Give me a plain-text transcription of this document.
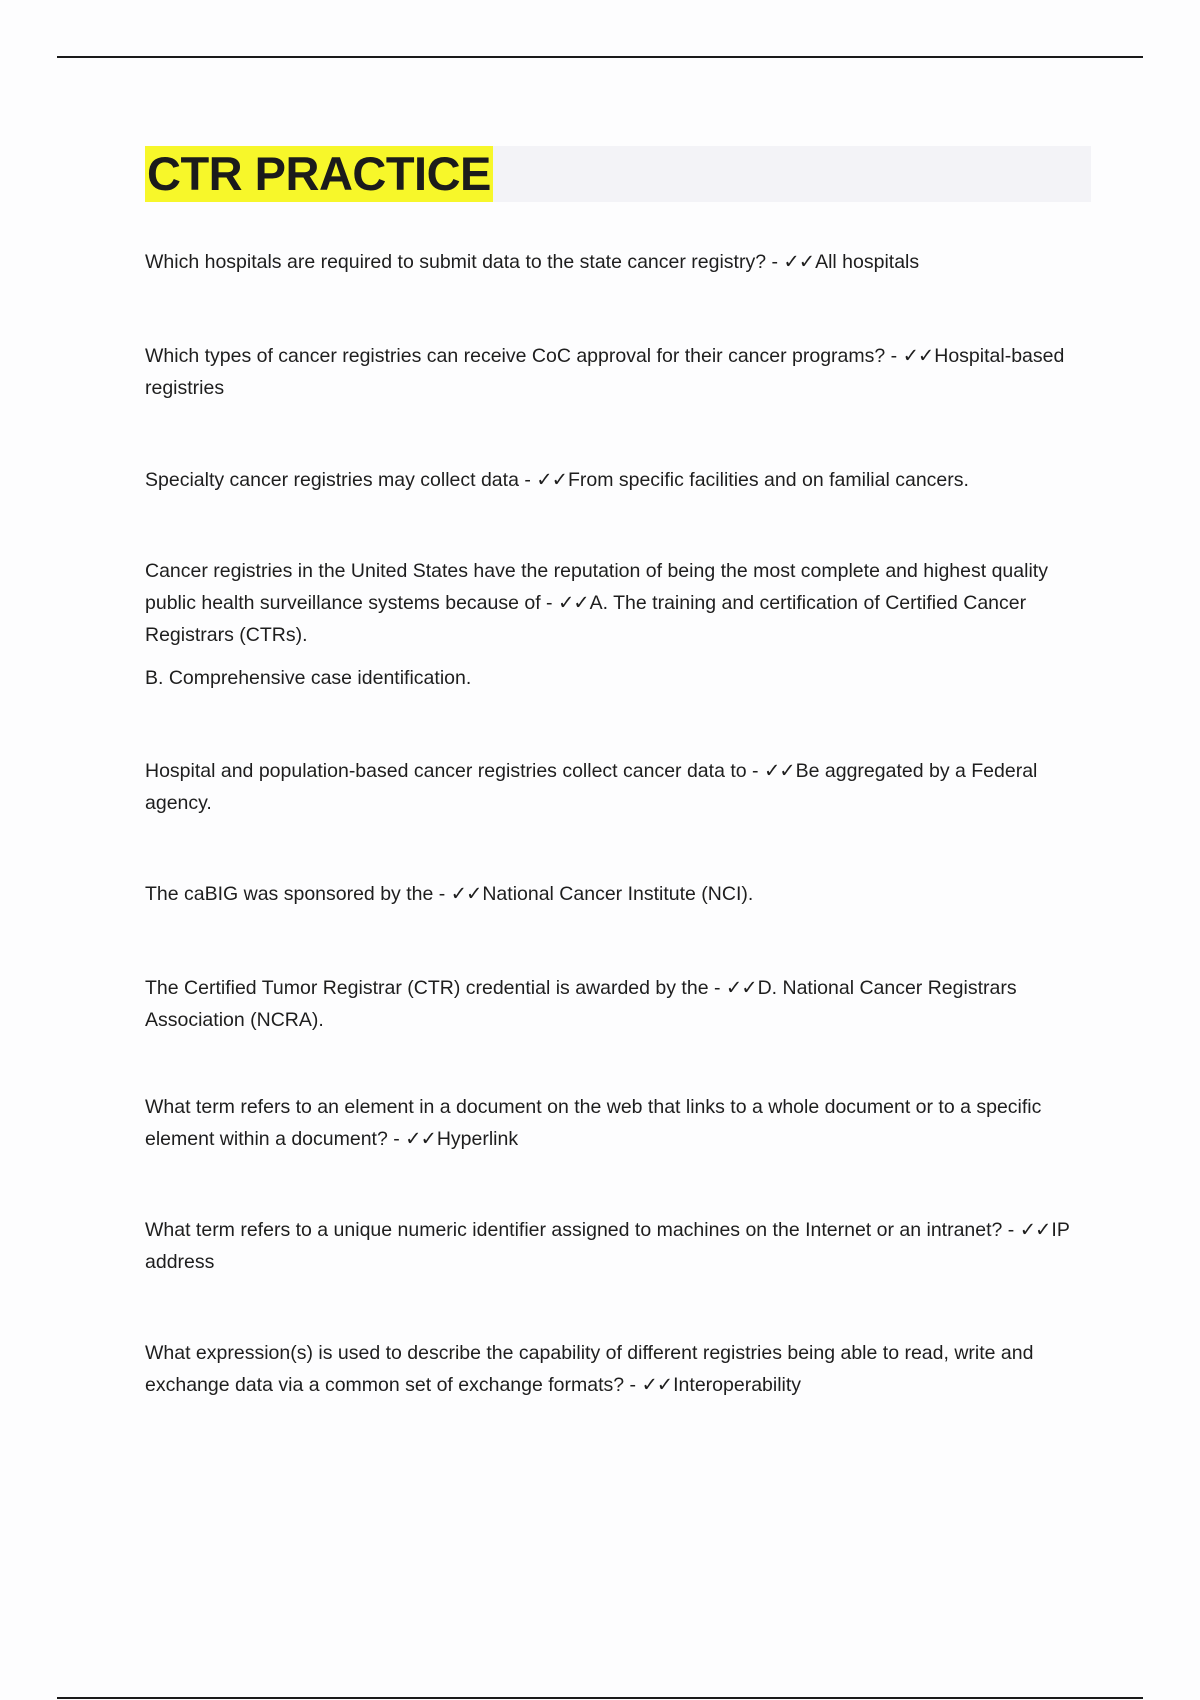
CTR PRACTICE

Which hospitals are required to submit data to the state cancer registry? - ✓✓All hospitals

Which types of cancer registries can receive CoC approval for their cancer programs? - ✓✓Hospital-based registries

Specialty cancer registries may collect data - ✓✓From specific facilities and on familial cancers.

Cancer registries in the United States have the reputation of being the most complete and highest quality public health surveillance systems because of - ✓✓A. The training and certification of Certified Cancer Registrars (CTRs).

B. Comprehensive case identification.

Hospital and population-based cancer registries collect cancer data to - ✓✓Be aggregated by a Federal agency.

The caBIG was sponsored by the - ✓✓National Cancer Institute (NCI).

The Certified Tumor Registrar (CTR) credential is awarded by the - ✓✓D. National Cancer Registrars Association (NCRA).

What term refers to an element in a document on the web that links to a whole document or to a specific element within a document? - ✓✓Hyperlink

What term refers to a unique numeric identifier assigned to machines on the Internet or an intranet? - ✓✓IP address

What expression(s) is used to describe the capability of different registries being able to read, write and exchange data via a common set of exchange formats? - ✓✓Interoperability
